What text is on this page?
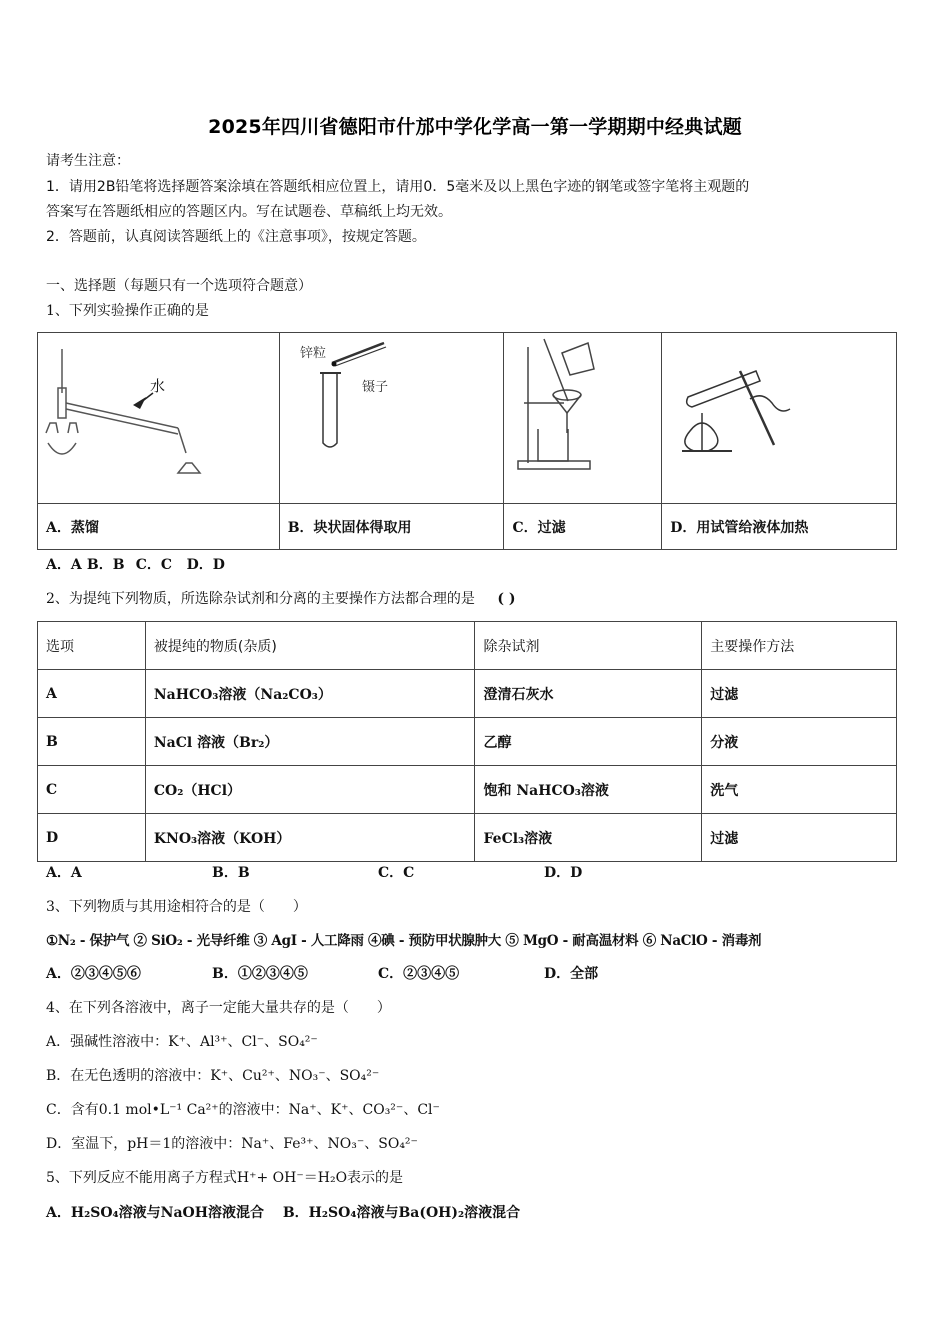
2025年四川省德阳市什邡中学化学高一第一学期期中经典试题
请考生注意：
1．请用2B铅笔将选择题答案涂填在答题纸相应位置上，请用0．5毫米及以上黑色字迹的钢笔或签字笔将主观题的
答案写在答题纸相应的答题区内。写在试题卷、草稿纸上均无效。
2．答题前，认真阅读答题纸上的《注意事项》，按规定答题。
一、选择题（每题只有一个选项符合题意）
1、下列实验操作正确的是
水	锌粒
镊子

A．蒸馏	B．块状固体得取用	C．过滤	D．用试管给液体加热
A．A B．B C．C D．D
2、为提纯下列物质，所选除杂试剂和分离的主要操作方法都合理的是 ( )
选项	被提纯的物质(杂质)	除杂试剂	主要操作方法
A	NaHCO₃溶液（Na₂CO₃）	澄清石灰水	过滤
B	NaCl 溶液（Br₂）	乙醇	分液
C	CO₂（HCl）	饱和 NaHCO₃溶液	洗气
D	KNO₃溶液（KOH）	FeCl₃溶液	过滤
A．A	B．B	C．C	D．D
3、下列物质与其用途相符合的是（　　）
①N₂ - 保护气 ② SiO₂ - 光导纤维 ③ AgI - 人工降雨 ④碘 - 预防甲状腺肿大 ⑤ MgO - 耐高温材料 ⑥ NaClO - 消毒剂
A．②③④⑤⑥	B．①②③④⑤	C．②③④⑤	D．全部
4、在下列各溶液中，离子一定能大量共存的是（　　）
A．强碱性溶液中：K⁺、Al³⁺、Cl⁻、SO₄²⁻
B．在无色透明的溶液中：K⁺、Cu²⁺、NO₃⁻、SO₄²⁻
C．含有0.1 mol•L⁻¹ Ca²⁺的溶液中：Na⁺、K⁺、CO₃²⁻、Cl⁻
D．室温下，pH＝1的溶液中：Na⁺、Fe³⁺、NO₃⁻、SO₄²⁻
5、下列反应不能用离子方程式H⁺+ OH⁻＝H₂O表示的是
A．H₂SO₄溶液与NaOH溶液混合 B．H₂SO₄溶液与Ba(OH)₂溶液混合
